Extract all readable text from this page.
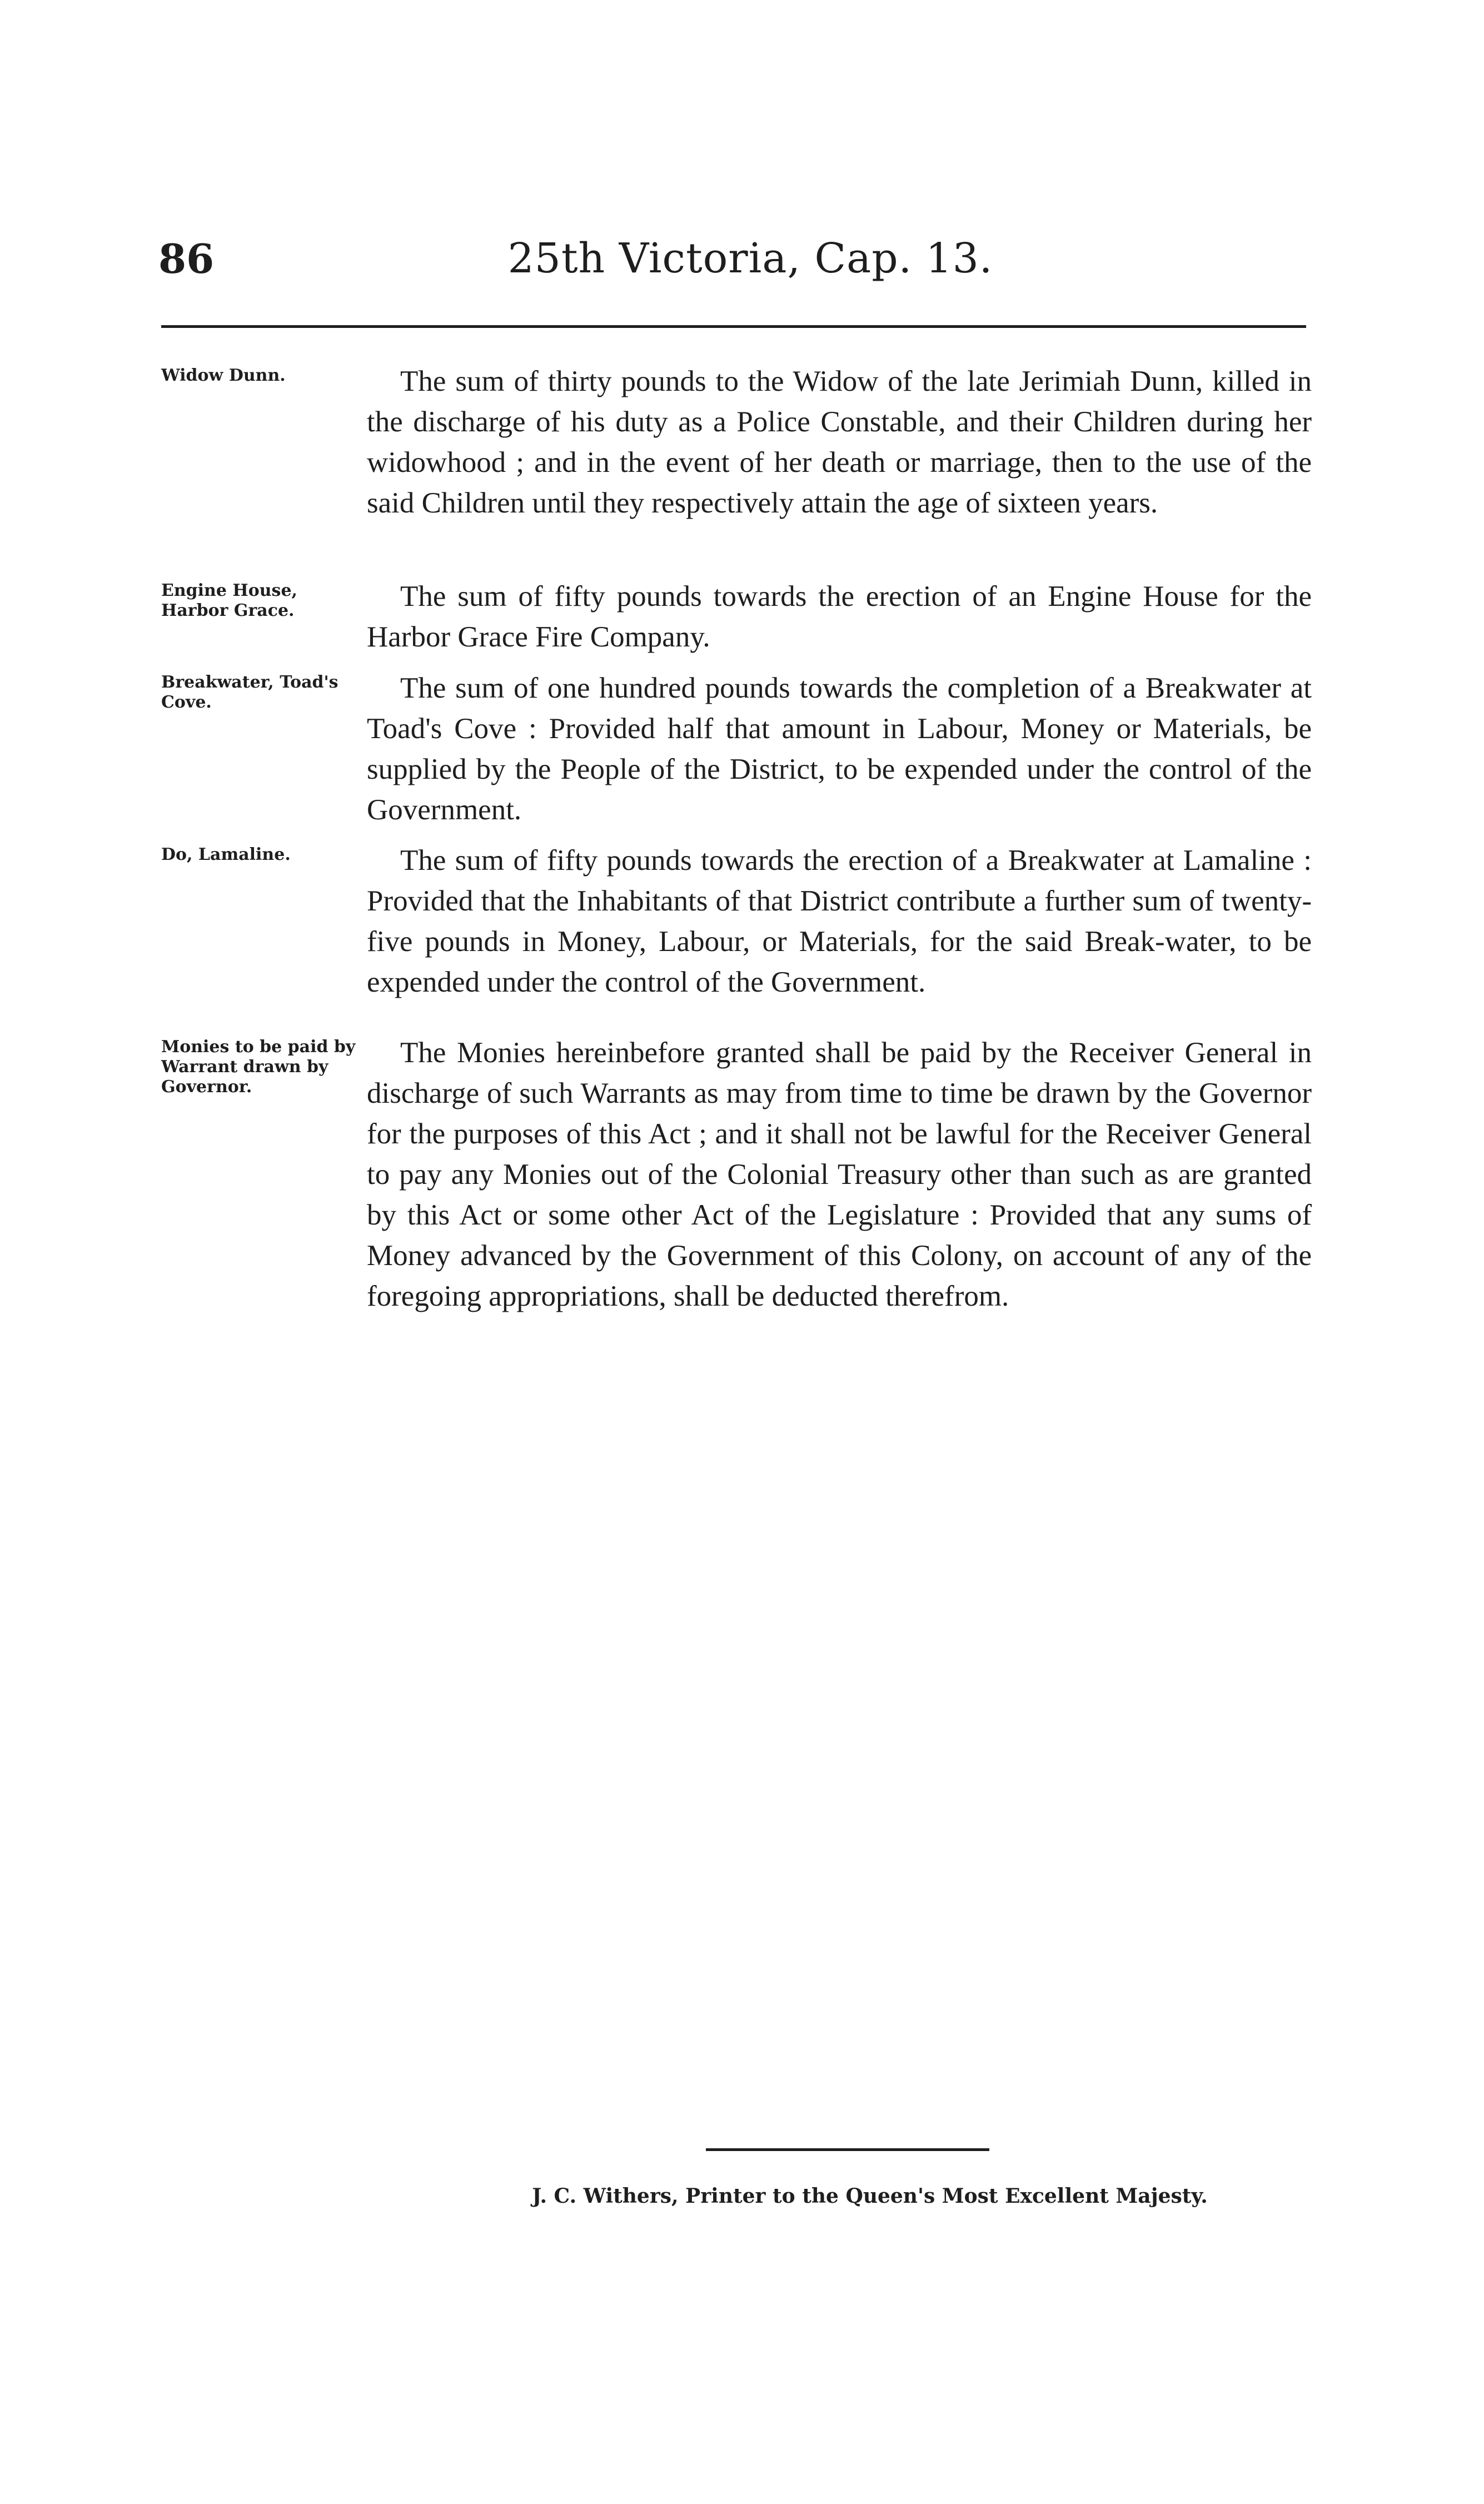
86	25th Victoria, Cap. 13.
Widow Dunn.	The sum of thirty pounds to the Widow of the late Jerimiah Dunn, killed in the discharge of his duty as a Police Constable, and their Children during her widowhood ; and in the event of her death or marriage, then to the use of the said Children until they respectively attain the age of sixteen years.

Engine House, Harbor Grace.	The sum of fifty pounds towards the erection of an Engine House for the Harbor Grace Fire Company.

Breakwater, Toad's Cove.	The sum of one hundred pounds towards the completion of a Breakwater at Toad's Cove : Provided half that amount in Labour, Money or Materials, be supplied by the People of the District, to be expended under the control of the Government.

Do, Lamaline.	The sum of fifty pounds towards the erection of a Breakwater at Lamaline : Provided that the Inhabitants of that District contribute a further sum of twenty-five pounds in Money, Labour, or Materials, for the said Break-water, to be expended under the control of the Government.

Monies to be paid by Warrant drawn by Governor.

The Monies hereinbefore granted shall be paid by the Receiver General in discharge of such Warrants as may from time to time be drawn by the Governor for the purposes of this Act ; and it shall not be lawful for the Receiver General to pay any Monies out of the Colonial Treasury other than such as are granted by this Act or some other Act of the Legislature : Provided that any sums of Money advanced by the Government of this Colony, on account of any of the foregoing appropriations, shall be deducted therefrom.

J. C. Withers, Printer to the Queen's Most Excellent Majesty.
